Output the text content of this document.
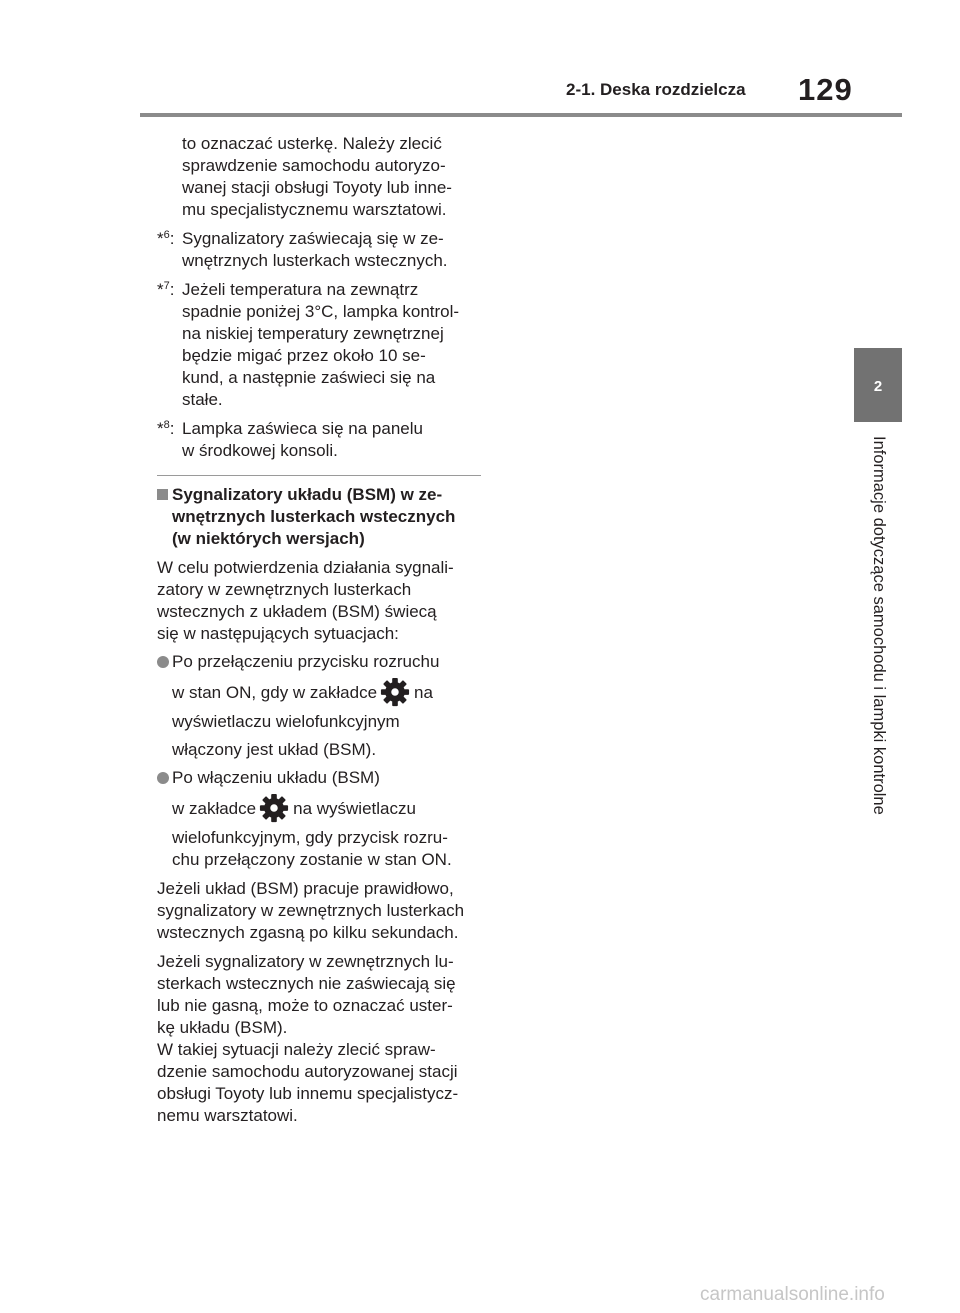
2-1. Deska rozdzielcza 129
2
Informacje dotyczące samochodu i lampki kontrolne
to oznaczać usterkę. Należy zlecić
sprawdzenie samochodu autoryzo-
wanej stacji obsługi Toyoty lub inne-
mu specjalistycznemu warsztatowi.
*$^6$: Sygnalizatory zaświecają się w ze-
wnętrznych lusterkach wstecznych.
*$^7$: Jeżeli temperatura na zewnątrz
spadnie poniżej 3°C, lampka kontrol-
na niskiej temperatury zewnętrznej
będzie migać przez około 10 se-
kund, a następnie zaświeci się na
stałe.
*$^8$: Lampka zaświeca się na panelu
w środkowej konsoli.
Sygnalizatory układu (BSM) w ze-
wnętrznych lusterkach wstecznych
(w niektórych wersjach)
W celu potwierdzenia działania sygnali-
zatory w zewnętrznych lusterkach
wstecznych z układem (BSM) świecą
się w następujących sytuacjach:
Po przełączeniu przycisku rozruchu
w stan ON, gdy w zakładce na
wyświetlaczu wielofunkcyjnym
włączony jest układ (BSM).
Po włączeniu układu (BSM)
w zakładce na wyświetlaczu
wielofunkcyjnym, gdy przycisk rozru-
chu przełączony zostanie w stan ON.
Jeżeli układ (BSM) pracuje prawidłowo,
sygnalizatory w zewnętrznych lusterkach
wstecznych zgasną po kilku sekundach.
Jeżeli sygnalizatory w zewnętrznych lu-
sterkach wstecznych nie zaświecają się
lub nie gasną, może to oznaczać uster-
kę układu (BSM).
W takiej sytuacji należy zlecić spraw-
dzenie samochodu autoryzowanej stacji
obsługi Toyoty lub innemu specjalistycz-
nemu warsztatowi.
carmanualsonline.info
